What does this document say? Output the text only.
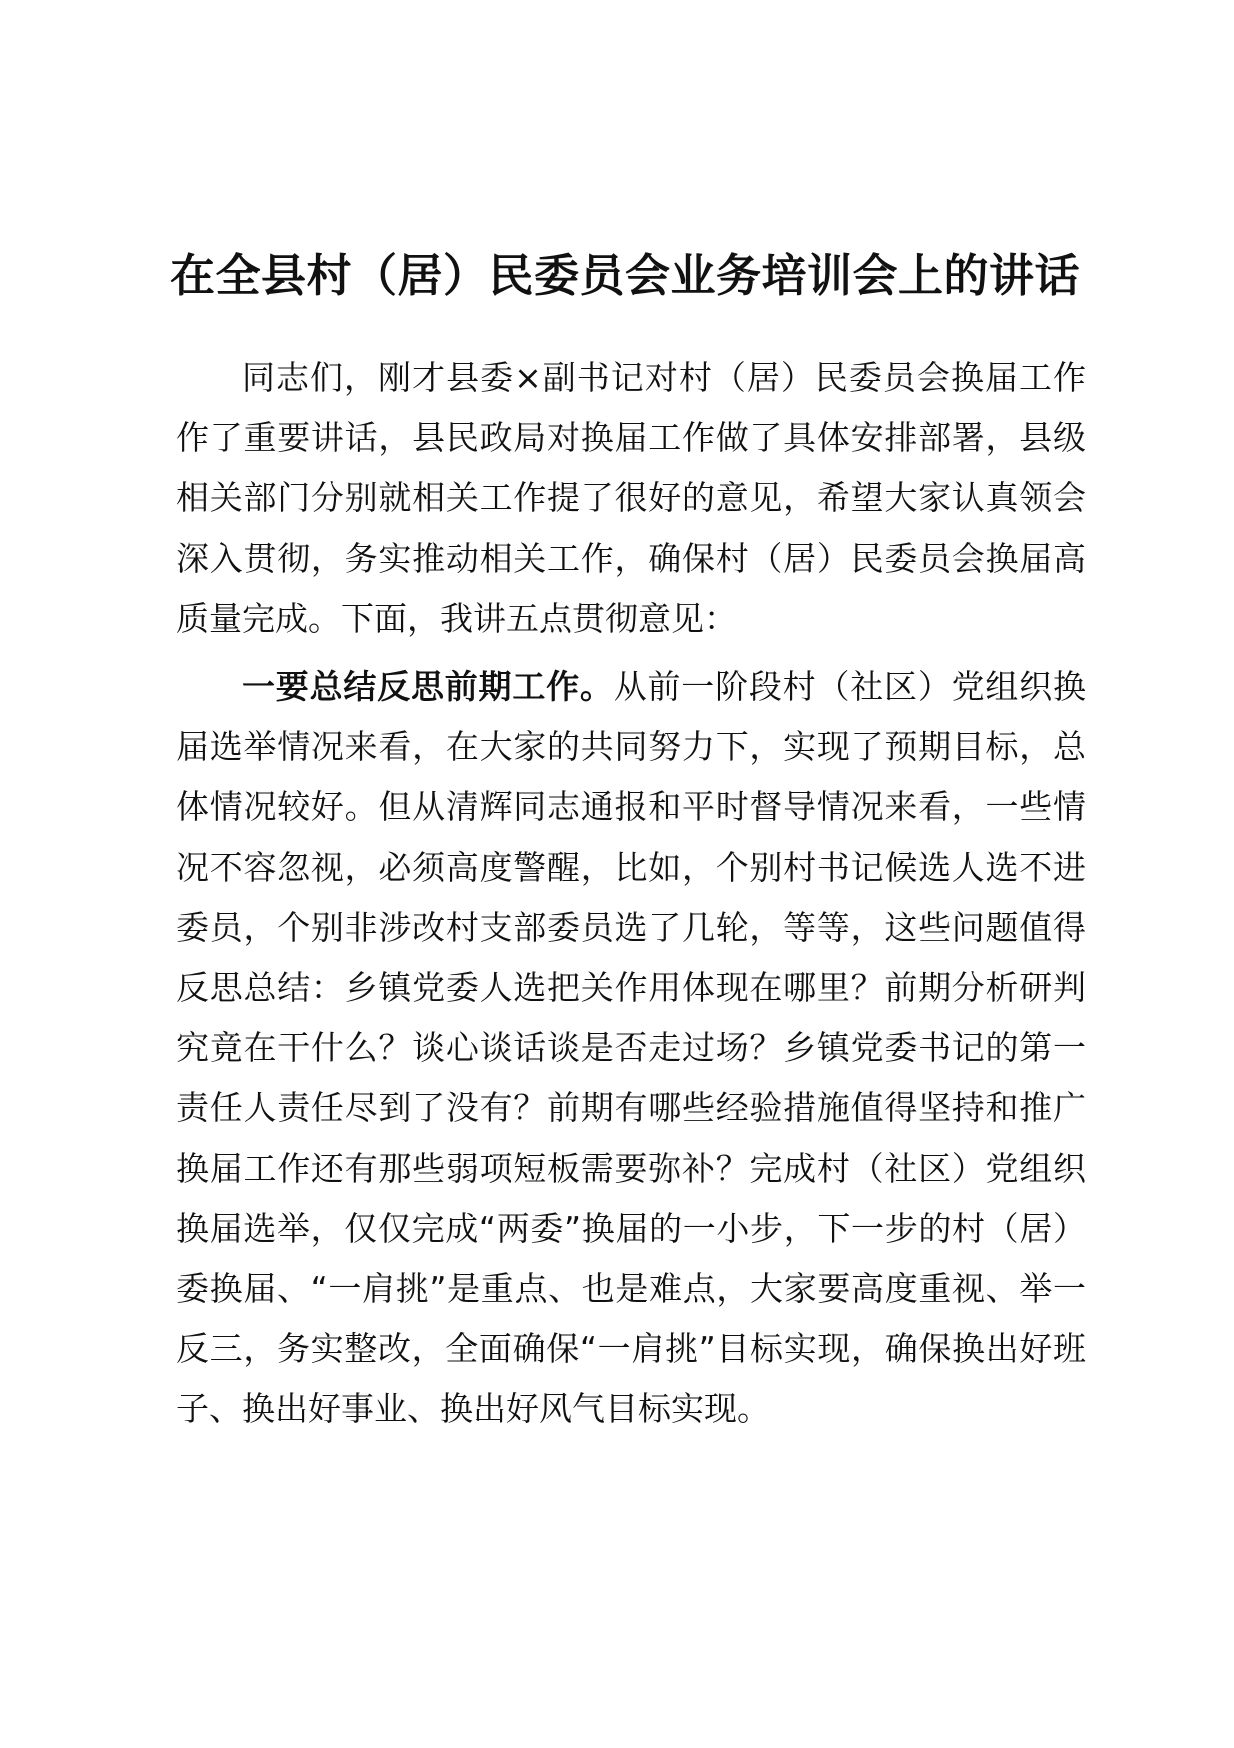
在全县村（居）民委员会业务培训会上的讲话

同志们，刚才县委×副书记对村（居）民委员会换届工作作了重要讲话，县民政局对换届工作做了具体安排部署，县级相关部门分别就相关工作提了很好的意见，希望大家认真领会深入贯彻，务实推动相关工作，确保村（居）民委员会换届高质量完成。下面，我讲五点贯彻意见：

一要总结反思前期工作。从前一阶段村（社区）党组织换届选举情况来看，在大家的共同努力下，实现了预期目标，总体情况较好。但从清辉同志通报和平时督导情况来看，一些情况不容忽视，必须高度警醒，比如，个别村书记候选人选不进委员，个别非涉改村支部委员选了几轮，等等，这些问题值得反思总结：乡镇党委人选把关作用体现在哪里？前期分析研判究竟在干什么？谈心谈话谈是否走过场？乡镇党委书记的第一责任人责任尽到了没有？前期有哪些经验措施值得坚持和推广换届工作还有那些弱项短板需要弥补？完成村（社区）党组织换届选举，仅仅完成“两委”换届的一小步，下一步的村（居）委换届、“一肩挑”是重点、也是难点，大家要高度重视、举一反三，务实整改，全面确保“一肩挑”目标实现，确保换出好班子、换出好事业、换出好风气目标实现。
